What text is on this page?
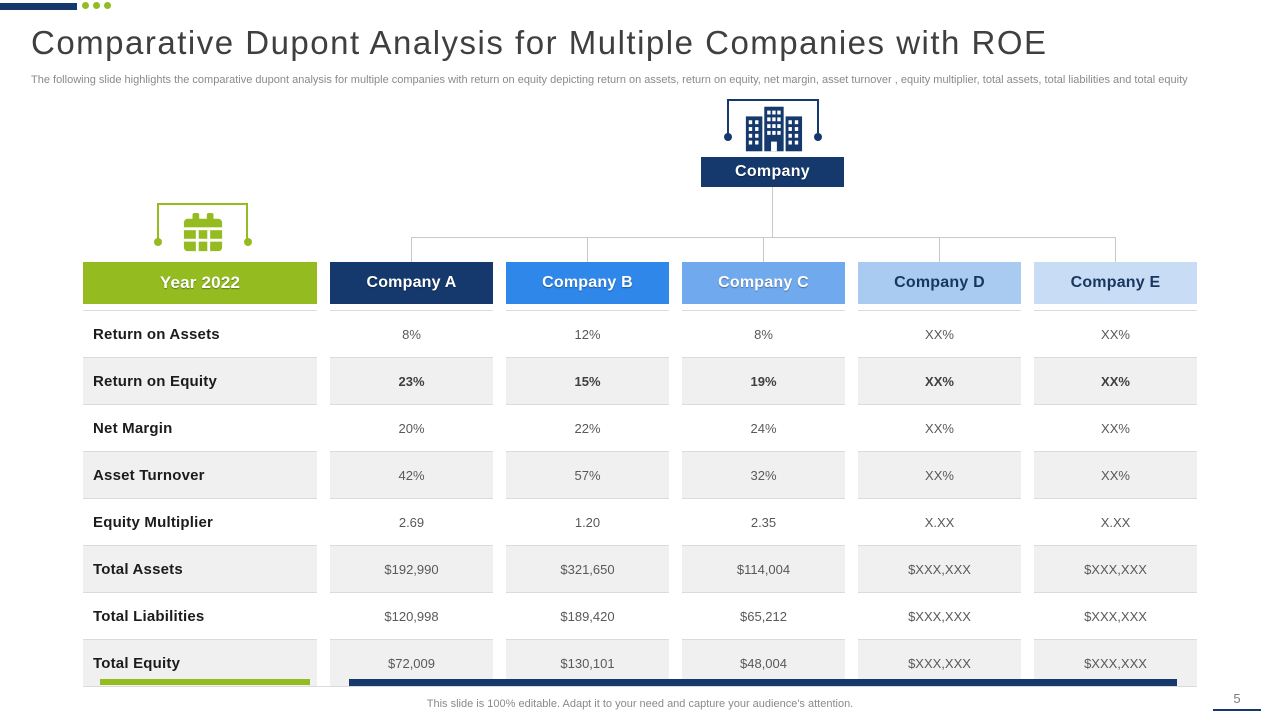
Comparative Dupont Analysis for Multiple Companies with ROE

The following slide highlights the comparative dupont analysis for multiple companies with return on equity depicting return on assets, return on equity, net margin, asset turnover , equity multiplier, total assets, total liabilities and total equity

Company
Year 2022	Company A	Company B	Company C	Company D	Company E
Return on Assets	8%	12%	8%	XX%	XX%
Return on Equity	23%	15%	19%	XX%	XX%
Net Margin	20%	22%	24%	XX%	XX%
Asset Turnover	42%	57%	32%	XX%	XX%
Equity Multiplier	2.69	1.20	2.35	X.XX	X.XX
Total Assets	$192,990	$321,650	$114,004	$XXX,XXX	$XXX,XXX
Total Liabilities	$120,998	$189,420	$65,212	$XXX,XXX	$XXX,XXX
Total Equity	$72,009	$130,101	$48,004	$XXX,XXX	$XXX,XXX
This slide is 100% editable. Adapt it to your need and capture your audience's attention.	5
